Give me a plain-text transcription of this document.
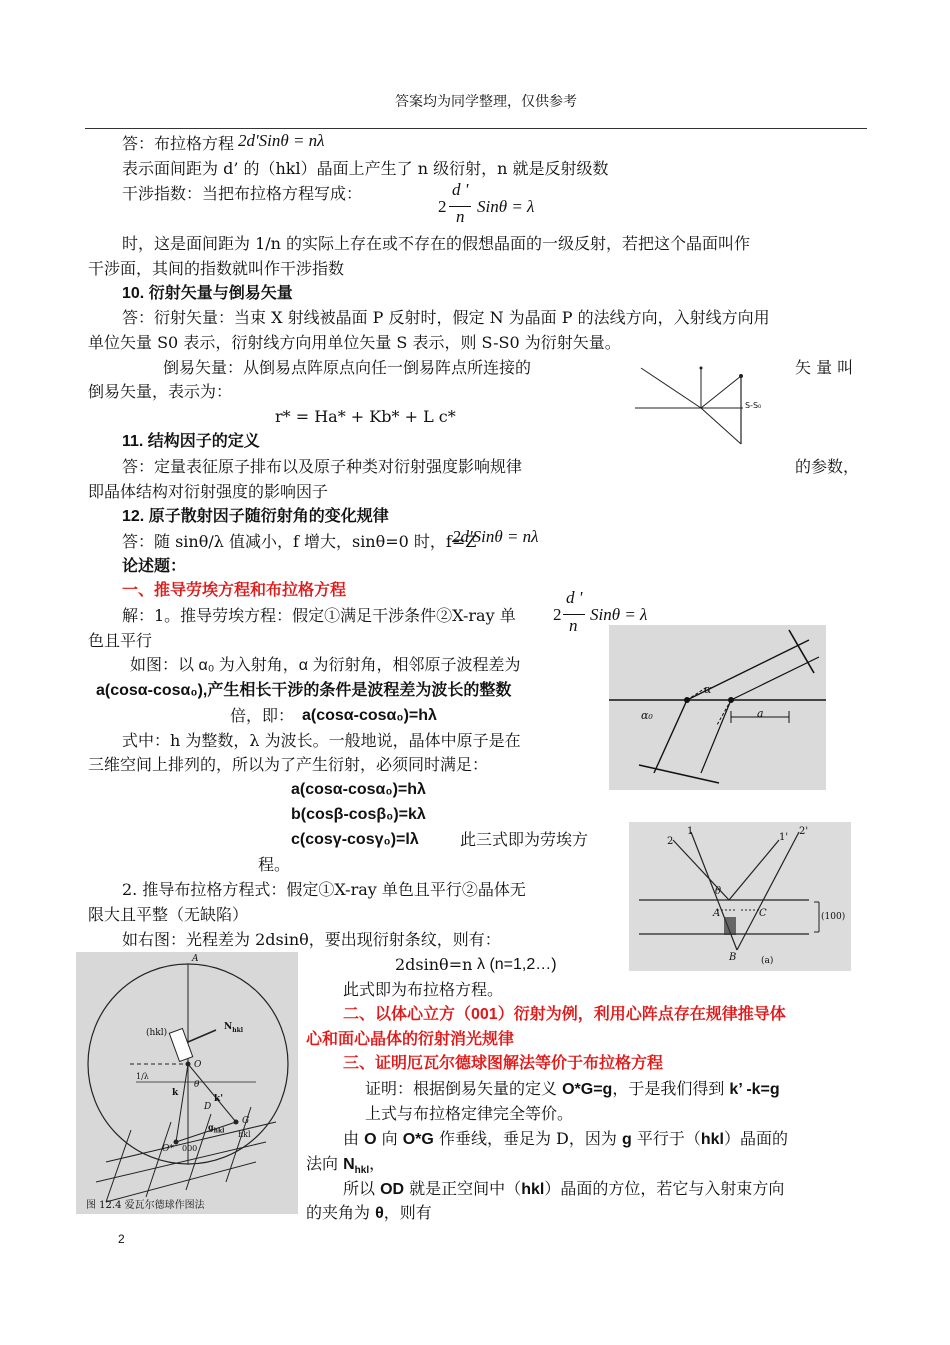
答案均为同学整理，仅供参考
答：布拉格方程 2d'Sinθ = nλ
表示面间距为 d’ 的（hkl）晶面上产生了 n 级衍射，n 就是反射级数
干涉指数：当把布拉格方程写成：
2
d '
n
Sinθ = λ
时，这是面间距为 1/n 的实际上存在或不存在的假想晶面的一级反射，若把这个晶面叫作
干涉面，其间的指数就叫作干涉指数
10. 衍射矢量与倒易矢量
答：衍射矢量：当束 X 射线被晶面 P 反射时，假定 N 为晶面 P 的法线方向，入射线方向用
单位矢量 S0 表示，衍射线方向用单位矢量 S 表示，则 S-S0 为衍射矢量。
倒易矢量：从倒易点阵原点向任一倒易阵点所连接的	矢 量 叫
倒易矢量，表示为：
r* = Ha* + Kb* + L c*
S-S₀
11. 结构因子的定义
答：定量表征原子排布以及原子种类对衍射强度影响规律	的参数，
即晶体结构对衍射强度的影响因子
12. 原子散射因子随衍射角的变化规律
答：随 sinθ/λ 值减小，f 增大，sinθ=0 时，f=Z
2d'Sinθ = nλ
论述题：
一、推导劳埃方程和布拉格方程
解：1。推导劳埃方程：假定①满足干涉条件②X-ray 单 2
d '
n
Sinθ = λ
色且平行
如图：以 α₀ 为入射角，α 为衍射角，相邻原子波程差为
a(cosα-cosα₀),产生相长干涉的条件是波程差为波长的整数
倍，即： a(cosα-cosα₀)=hλ
式中：h 为整数，λ 为波长。一般地说，晶体中原子是在
三维空间上排列的，所以为了产生衍射，必须同时满足：
a(cosα-cosα₀)=hλ
b(cosβ-cosβ₀)=kλ
c(cosγ-cosγ₀)=lλ	此三式即为劳埃方
程。
α
α₀	a
2. 推导布拉格方程式：假定①X-ray 单色且平行②晶体无
限大且平整（无缺陷）
如右图：光程差为 2dsinθ，要出现衍射条纹，则有：
2dsinθ=n λ (n=1,2…)
1
2	1'
2'
A	C
B
θ
(100)
(a)
A
(hkl)
$N_{hkl}$
O
1/λ
k
k'
θ
D
G
hkl
$g_{hkl}$
O* 000
图 12.4 爱瓦尔德球作图法
此式即为布拉格方程。
二、以体心立方（001）衍射为例，利用心阵点存在规律推导体
心和面心晶体的衍射消光规律
三、证明厄瓦尔德球图解法等价于布拉格方程
证明：根据倒易矢量的定义 O*G=g，于是我们得到 k’ -k=g
上式与布拉格定律完全等价。
由 O 向 O*G 作垂线，垂足为 D，因为 g 平行于（hkl）晶面的
法向 $N_{hkl}$，
所以 OD 就是正空间中（hkl）晶面的方位，若它与入射束方向
的夹角为 θ，则有
2
